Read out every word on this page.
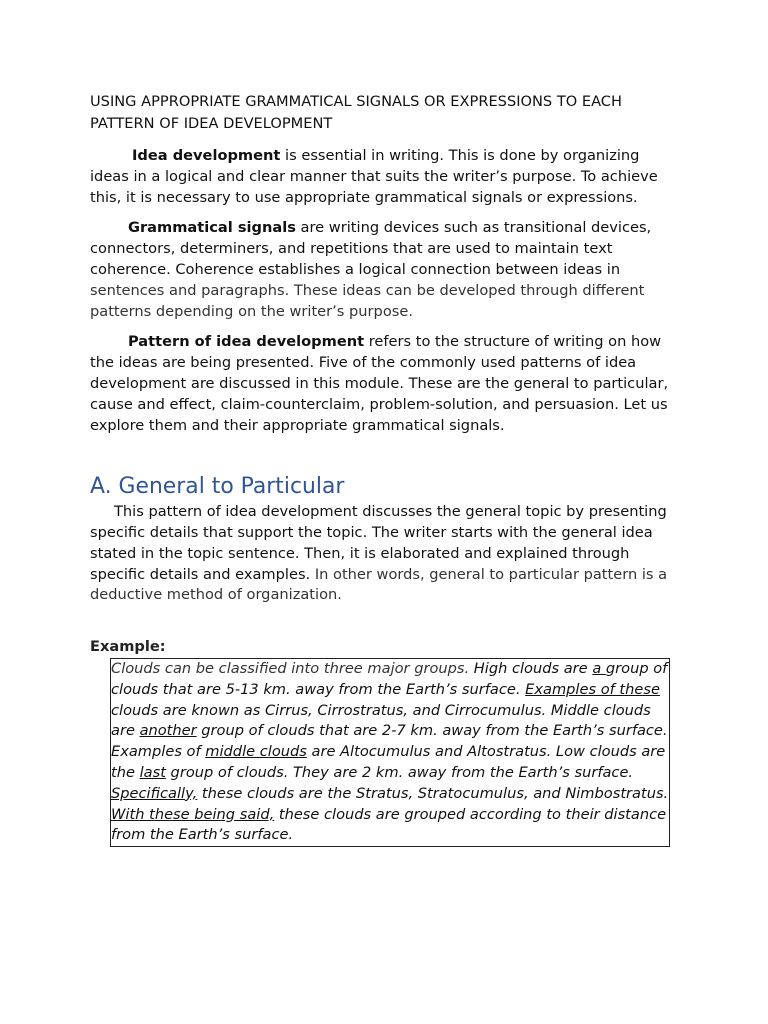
USING APPROPRIATE GRAMMATICAL SIGNALS OR EXPRESSIONS TO EACH
PATTERN OF IDEA DEVELOPMENT

Idea development is essential in writing. This is done by organizing ideas in a logical and clear manner that suits the writer’s purpose. To achieve this, it is necessary to use appropriate grammatical signals or expressions.

Grammatical signals are writing devices such as transitional devices, connectors, determiners, and repetitions that are used to maintain text coherence. Coherence establishes a logical connection between ideas in sentences and paragraphs. These ideas can be developed through different patterns depending on the writer’s purpose.

Pattern of idea development refers to the structure of writing on how the ideas are being presented. Five of the commonly used patterns of idea development are discussed in this module. These are the general to particular, cause and effect, claim-counterclaim, problem-solution, and persuasion. Let us explore them and their appropriate grammatical signals.

A. General to Particular

This pattern of idea development discusses the general topic by presenting specific details that support the topic. The writer starts with the general idea stated in the topic sentence. Then, it is elaborated and explained through specific details and examples. In other words, general to particular pattern is a deductive method of organization.

Example:
Clouds can be classified into three major groups. High clouds are a group of clouds that are 5-13 km. away from the Earth’s surface. Examples of these clouds are known as Cirrus, Cirrostratus, and Cirrocumulus. Middle clouds are another group of clouds that are 2-7 km. away from the Earth’s surface. Examples of middle clouds are Altocumulus and Altostratus. Low clouds are the last group of clouds. They are 2 km. away from the Earth’s surface. Specifically, these clouds are the Stratus, Stratocumulus, and Nimbostratus. With these being said, these clouds are grouped according to their distance from the Earth’s surface.
